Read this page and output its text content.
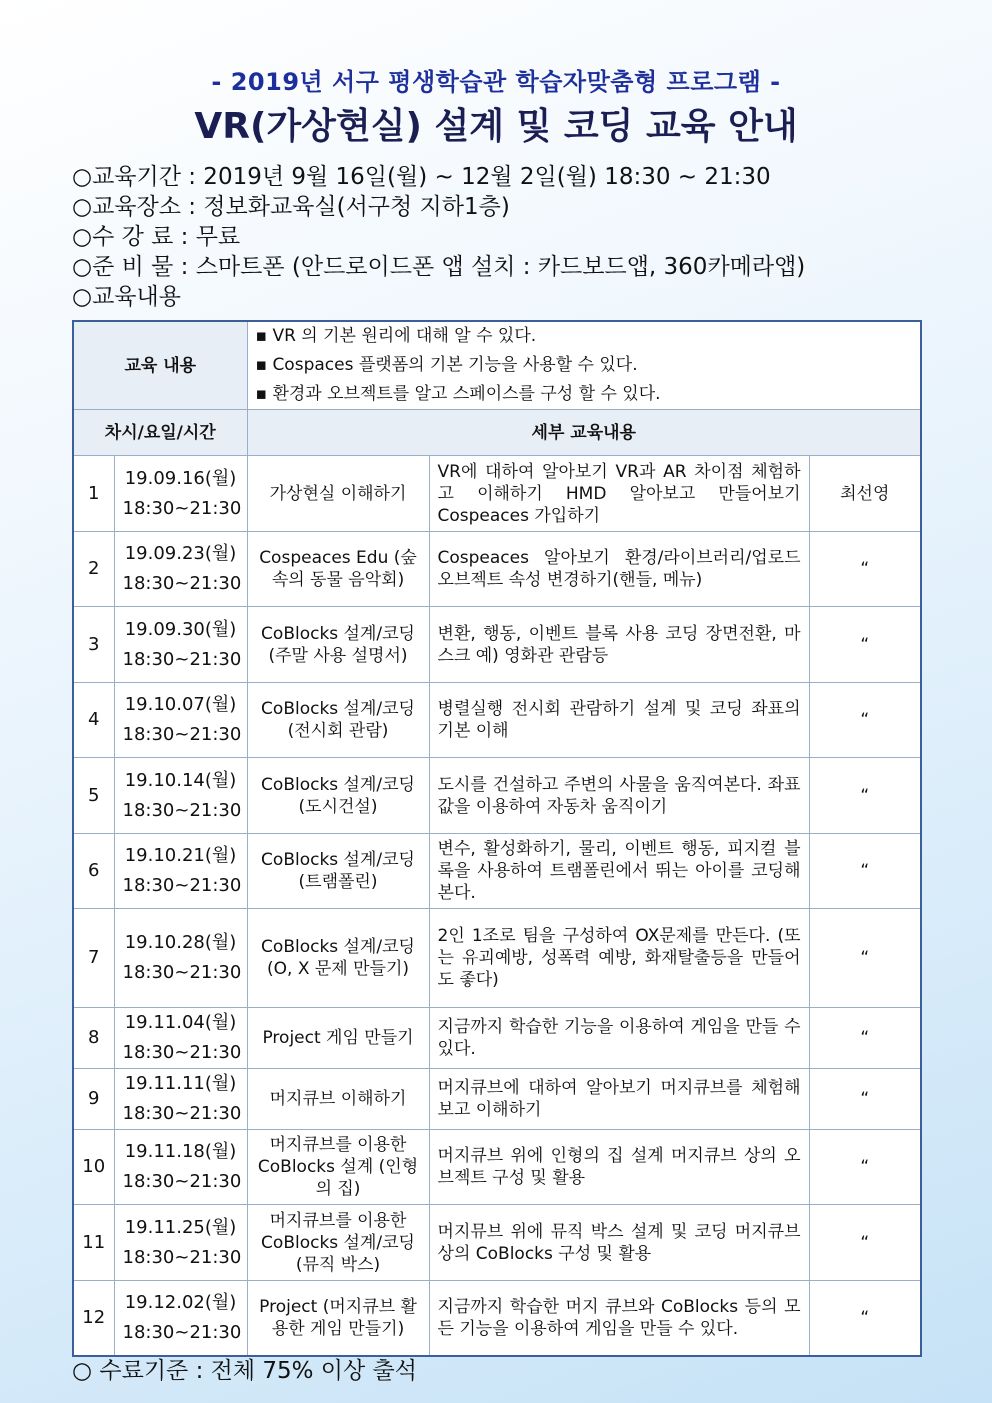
- 2019년 서구 평생학습관 학습자맞춤형 프로그램 -
VR(가상현실) 설계 및 코딩 교육 안내
○교육기간 : 2019년 9월 16일(월) ~ 12월 2일(월) 18:30 ~ 21:30
○교육장소 : 정보화교육실(서구청 지하1층)
○수 강 료 : 무료
○준 비 물 : 스마트폰 (안드로이드폰 앱 설치 : 카드보드앱, 360카메라앱)
○교육내용
교육 내용		▪ VR 의 기본 원리에 대해 알 수 있다.
▪ Cospaces 플랫폼의 기본 기능을 사용할 수 있다.
▪ 환경과 오브젝트를 알고 스페이스를 구성 할 수 있다.		

차시/요일/시간		세부 교육내용		
1	19.09.16(월)
18:30~21:30	가상현실 이해하기	VR에 대하여 알아보기 VR과 AR 차이점 체험하고 이해하기 HMD 알아보고 만들어보기 Cospeaces 가입하기	최선영
2	19.09.23(월)
18:30~21:30	Cospeaces Edu (숲속의 동물 음악회)	Cospeaces 알아보기 환경/라이브러리/업로드 오브젝트 속성 변경하기(핸들, 메뉴)	“
3	19.09.30(월)
18:30~21:30	CoBlocks 설계/코딩 (주말 사용 설명서)	변환, 행동, 이벤트 블록 사용 코딩 장면전환, 마스크 예) 영화관 관람등	“
4	19.10.07(월)
18:30~21:30	CoBlocks 설계/코딩 (전시회 관람)	병렬실행 전시회 관람하기 설계 및 코딩 좌표의 기본 이해	“
5	19.10.14(월)
18:30~21:30	CoBlocks 설계/코딩 (도시건설)	도시를 건설하고 주변의 사물을 움직여본다. 좌표값을 이용하여 자동차 움직이기	“
6	19.10.21(월)
18:30~21:30	CoBlocks 설계/코딩 (트램폴린)	변수, 활성화하기, 물리, 이벤트 행동, 피지컬 블록을 사용하여 트램폴린에서 뛰는 아이를 코딩해본다.	“
7	19.10.28(월)
18:30~21:30	CoBlocks 설계/코딩 (O, X 문제 만들기)	2인 1조로 팀을 구성하여 OX문제를 만든다. (또는 유괴예방, 성폭력 예방, 화재탈출등을 만들어도 좋다)	“
8	19.11.04(월)
18:30~21:30	Project 게임 만들기	지금까지 학습한 기능을 이용하여 게임을 만들 수 있다.	“
9	19.11.11(월)
18:30~21:30	머지큐브 이해하기	머지큐브에 대하여 알아보기 머지큐브를 체험해 보고 이해하기	“
10	19.11.18(월)
18:30~21:30	머지큐브를 이용한CoBlocks 설계 (인형의 집)	머지큐브 위에 인형의 집 설계 머지큐브 상의 오브젝트 구성 및 활용	“
11	19.11.25(월)
18:30~21:30	머지큐브를 이용한 CoBlocks 설계/코딩 (뮤직 박스)	머지뮤브 위에 뮤직 박스 설계 및 코딩 머지큐브 상의 CoBlocks 구성 및 활용	“
12	19.12.02(월)
18:30~21:30	Project (머지큐브 활용한 게임 만들기)	지금까지 학습한 머지 큐브와 CoBlocks 등의 모든 기능을 이용하여 게임을 만들 수 있다.	“
○ 수료기준 : 전체 75% 이상 출석
